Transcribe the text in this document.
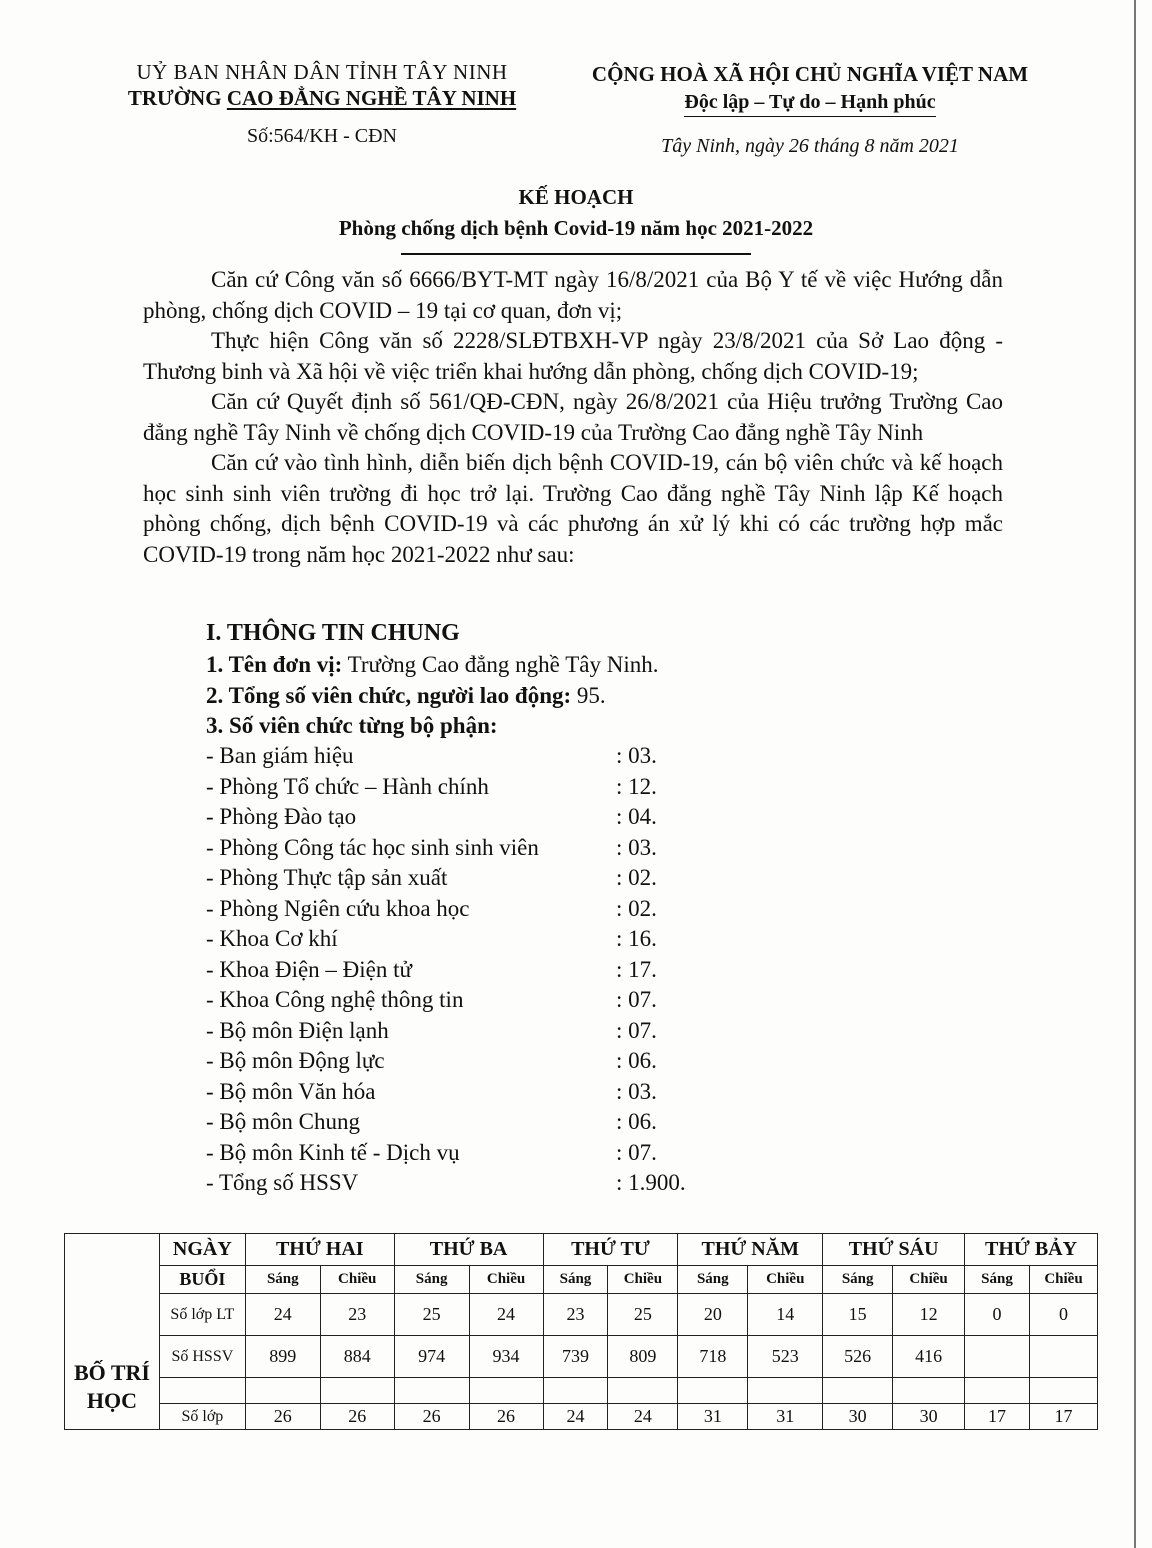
UỶ BAN NHÂN DÂN TỈNH TÂY NINH
TRƯỜNG CAO ĐẲNG NGHỀ TÂY NINH
Số:564/KH - CĐN
CỘNG HOÀ XÃ HỘI CHỦ NGHĨA VIỆT NAM
Độc lập – Tự do – Hạnh phúc
Tây Ninh, ngày 26 tháng 8 năm 2021
KẾ HOẠCH
Phòng chống dịch bệnh Covid-19 năm học 2021-2022

Căn cứ Công văn số 6666/BYT-MT ngày 16/8/2021 của Bộ Y tế về việc Hướng dẫn phòng, chống dịch COVID – 19 tại cơ quan, đơn vị;

Thực hiện Công văn số 2228/SLĐTBXH-VP ngày 23/8/2021 của Sở Lao động - Thương binh và Xã hội về việc triển khai hướng dẫn phòng, chống dịch COVID-19;

Căn cứ Quyết định số 561/QĐ-CĐN, ngày 26/8/2021 của Hiệu trưởng Trường Cao đẳng nghề Tây Ninh về chống dịch COVID-19 của Trường Cao đẳng nghề Tây Ninh

Căn cứ vào tình hình, diễn biến dịch bệnh COVID-19, cán bộ viên chức và kế hoạch học sinh sinh viên trường đi học trở lại. Trường Cao đẳng nghề Tây Ninh lập Kế hoạch phòng chống, dịch bệnh COVID-19 và các phương án xử lý khi có các trường hợp mắc COVID-19 trong năm học 2021-2022 như sau:

I. THÔNG TIN CHUNG
1. Tên đơn vị: Trường Cao đẳng nghề Tây Ninh.
2. Tổng số viên chức, người lao động: 95.
3. Số viên chức từng bộ phận:
- Ban giám hiệu	: 03.
- Phòng Tổ chức – Hành chính	: 12.
- Phòng Đào tạo	: 04.
- Phòng Công tác học sinh sinh viên	: 03.
- Phòng Thực tập sản xuất	: 02.
- Phòng Ngiên cứu khoa học	: 02.
- Khoa Cơ khí	: 16.
- Khoa Điện – Điện tử	: 17.
- Khoa Công nghệ thông tin	: 07.
- Bộ môn Điện lạnh	: 07.
- Bộ môn Động lực	: 06.
- Bộ môn Văn hóa	: 03.
- Bộ môn Chung	: 06.
- Bộ môn Kinh tế - Dịch vụ	: 07.
- Tổng số HSSV	: 1.900.
BỐ TRÍ HỌC	NGÀY	THỨ HAI		THỨ BA		THỨ TƯ		THỨ NĂM		THỨ SÁU		THỨ BẢY	
	BUỔI	Sáng	Chiều	Sáng	Chiều	Sáng	Chiều	Sáng	Chiều	Sáng	Chiều	Sáng	Chiều
	Số lớp LT	24	23	25	24	23	25	20	14	15	12	0	0
	Số HSSV	899	884	974	934	739	809	718	523	526	416		

	Số lớp	26	26	26	26	24	24	31	31	30	30	17	17
